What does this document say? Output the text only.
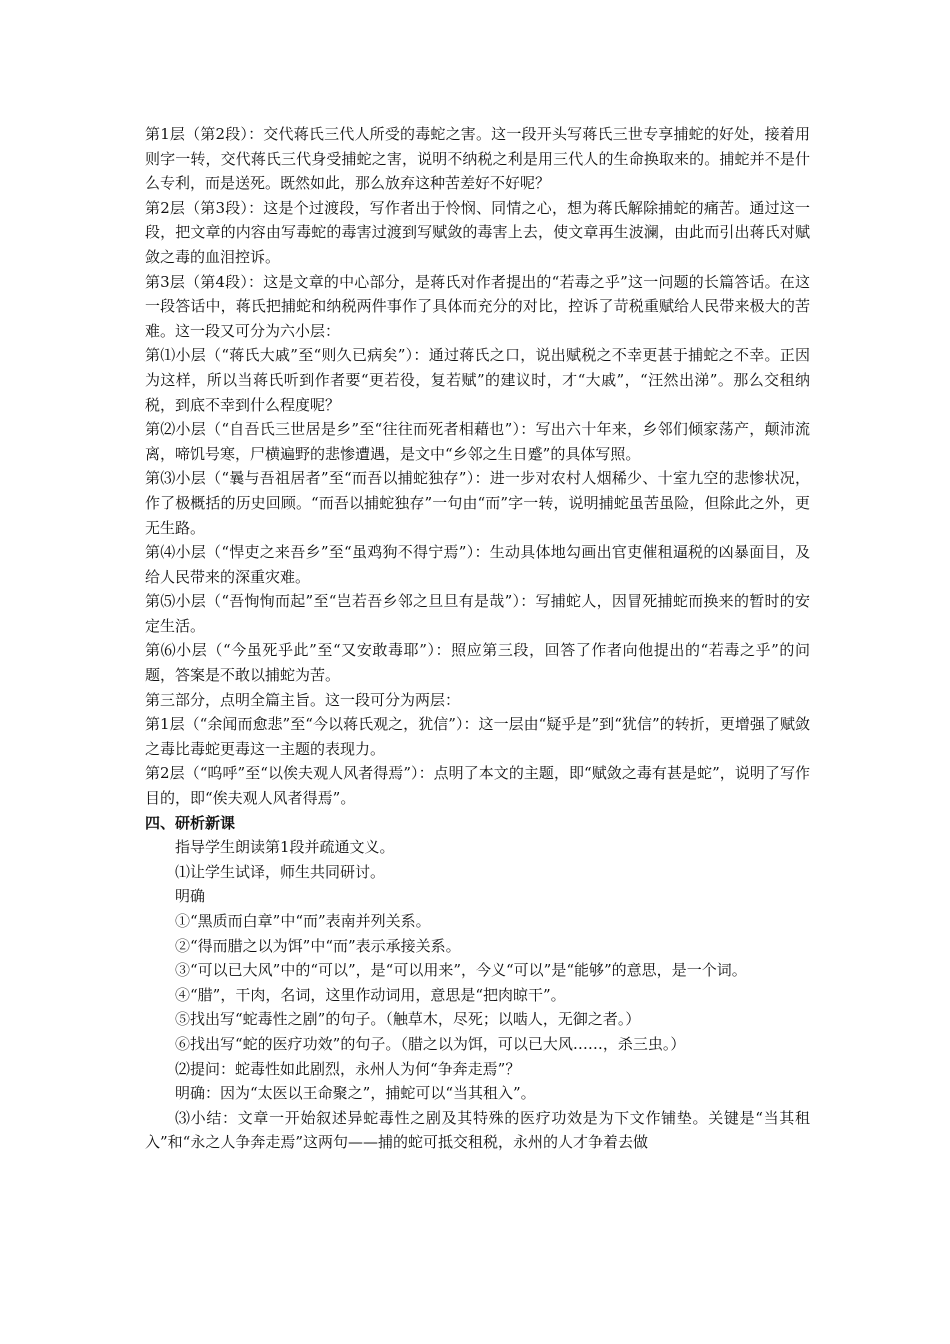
第1层（第2段）：交代蒋氏三代人所受的毒蛇之害。这一段开头写蒋氏三世专享捕蛇的好处，接着用则字一转，交代蒋氏三代身受捕蛇之害，说明不纳税之利是用三代人的生命换取来的。捕蛇并不是什么专利，而是送死。既然如此，那么放弃这种苦差好不好呢？

第2层（第3段）：这是个过渡段，写作者出于怜悯、同情之心，想为蒋氏解除捕蛇的痛苦。通过这一段，把文章的内容由写毒蛇的毒害过渡到写赋敛的毒害上去，使文章再生波澜，由此而引出蒋氏对赋敛之毒的血泪控诉。

第3层（第4段）：这是文章的中心部分，是蒋氏对作者提出的“若毒之乎”这一问题的长篇答话。在这一段答话中，蒋氏把捕蛇和纳税两件事作了具体而充分的对比，控诉了苛税重赋给人民带来极大的苦难。这一段又可分为六小层：

第⑴小层（“蒋氏大戚”至“则久已病矣”）：通过蒋氏之口，说出赋税之不幸更甚于捕蛇之不幸。正因为这样，所以当蒋氏听到作者要“更若役，复若赋”的建议时，才“大戚”，“汪然出涕”。那么交租纳税，到底不幸到什么程度呢？

第⑵小层（“自吾氏三世居是乡”至“往往而死者相藉也”）：写出六十年来，乡邻们倾家荡产，颠沛流离，啼饥号寒，尸横遍野的悲惨遭遇，是文中“乡邻之生日蹙”的具体写照。

第⑶小层（“曩与吾祖居者”至“而吾以捕蛇独存”）：进一步对农村人烟稀少、十室九空的悲惨状况，作了极概括的历史回顾。“而吾以捕蛇独存”一句由“而”字一转，说明捕蛇虽苦虽险，但除此之外，更无生路。

第⑷小层（“悍吏之来吾乡”至“虽鸡狗不得宁焉”）：生动具体地勾画出官吏催租逼税的凶暴面目，及给人民带来的深重灾难。

第⑸小层（“吾恂恂而起”至“岂若吾乡邻之旦旦有是哉”）：写捕蛇人，因冒死捕蛇而换来的暂时的安定生活。

第⑹小层（“今虽死乎此”至“又安敢毒耶”）：照应第三段，回答了作者向他提出的“若毒之乎”的问题，答案是不敢以捕蛇为苦。

第三部分，点明全篇主旨。这一段可分为两层：

第1层（“余闻而愈悲”至“今以蒋氏观之，犹信”）：这一层由“疑乎是”到“犹信”的转折，更增强了赋敛之毒比毒蛇更毒这一主题的表现力。

第2层（“呜呼”至“以俟夫观人风者得焉”）：点明了本文的主题，即“赋敛之毒有甚是蛇”，说明了写作目的，即“俟夫观人风者得焉”。

四、研析新课

指导学生朗读第1段并疏通文义。

⑴让学生试译，师生共同研讨。

明确

①“黑质而白章”中“而”表南并列关系。

②“得而腊之以为饵”中“而”表示承接关系。

③“可以已大风”中的“可以”，是“可以用来”，今义“可以”是“能够”的意思，是一个词。

④“腊”，干肉，名词，这里作动词用，意思是“把肉晾干”。

⑤找出写“蛇毒性之剧”的句子。（触草木，尽死；以啮人，无御之者。）

⑥找出写“蛇的医疗功效”的句子。（腊之以为饵，可以已大风……，杀三虫。）

⑵提问：蛇毒性如此剧烈，永州人为何“争奔走焉”？

明确：因为“太医以王命聚之”，捕蛇可以“当其租入”。

⑶小结：文章一开始叙述异蛇毒性之剧及其特殊的医疗功效是为下文作铺垫。关键是“当其租入”和“永之人争奔走焉”这两句——捕的蛇可抵交租税，永州的人才争着去做
